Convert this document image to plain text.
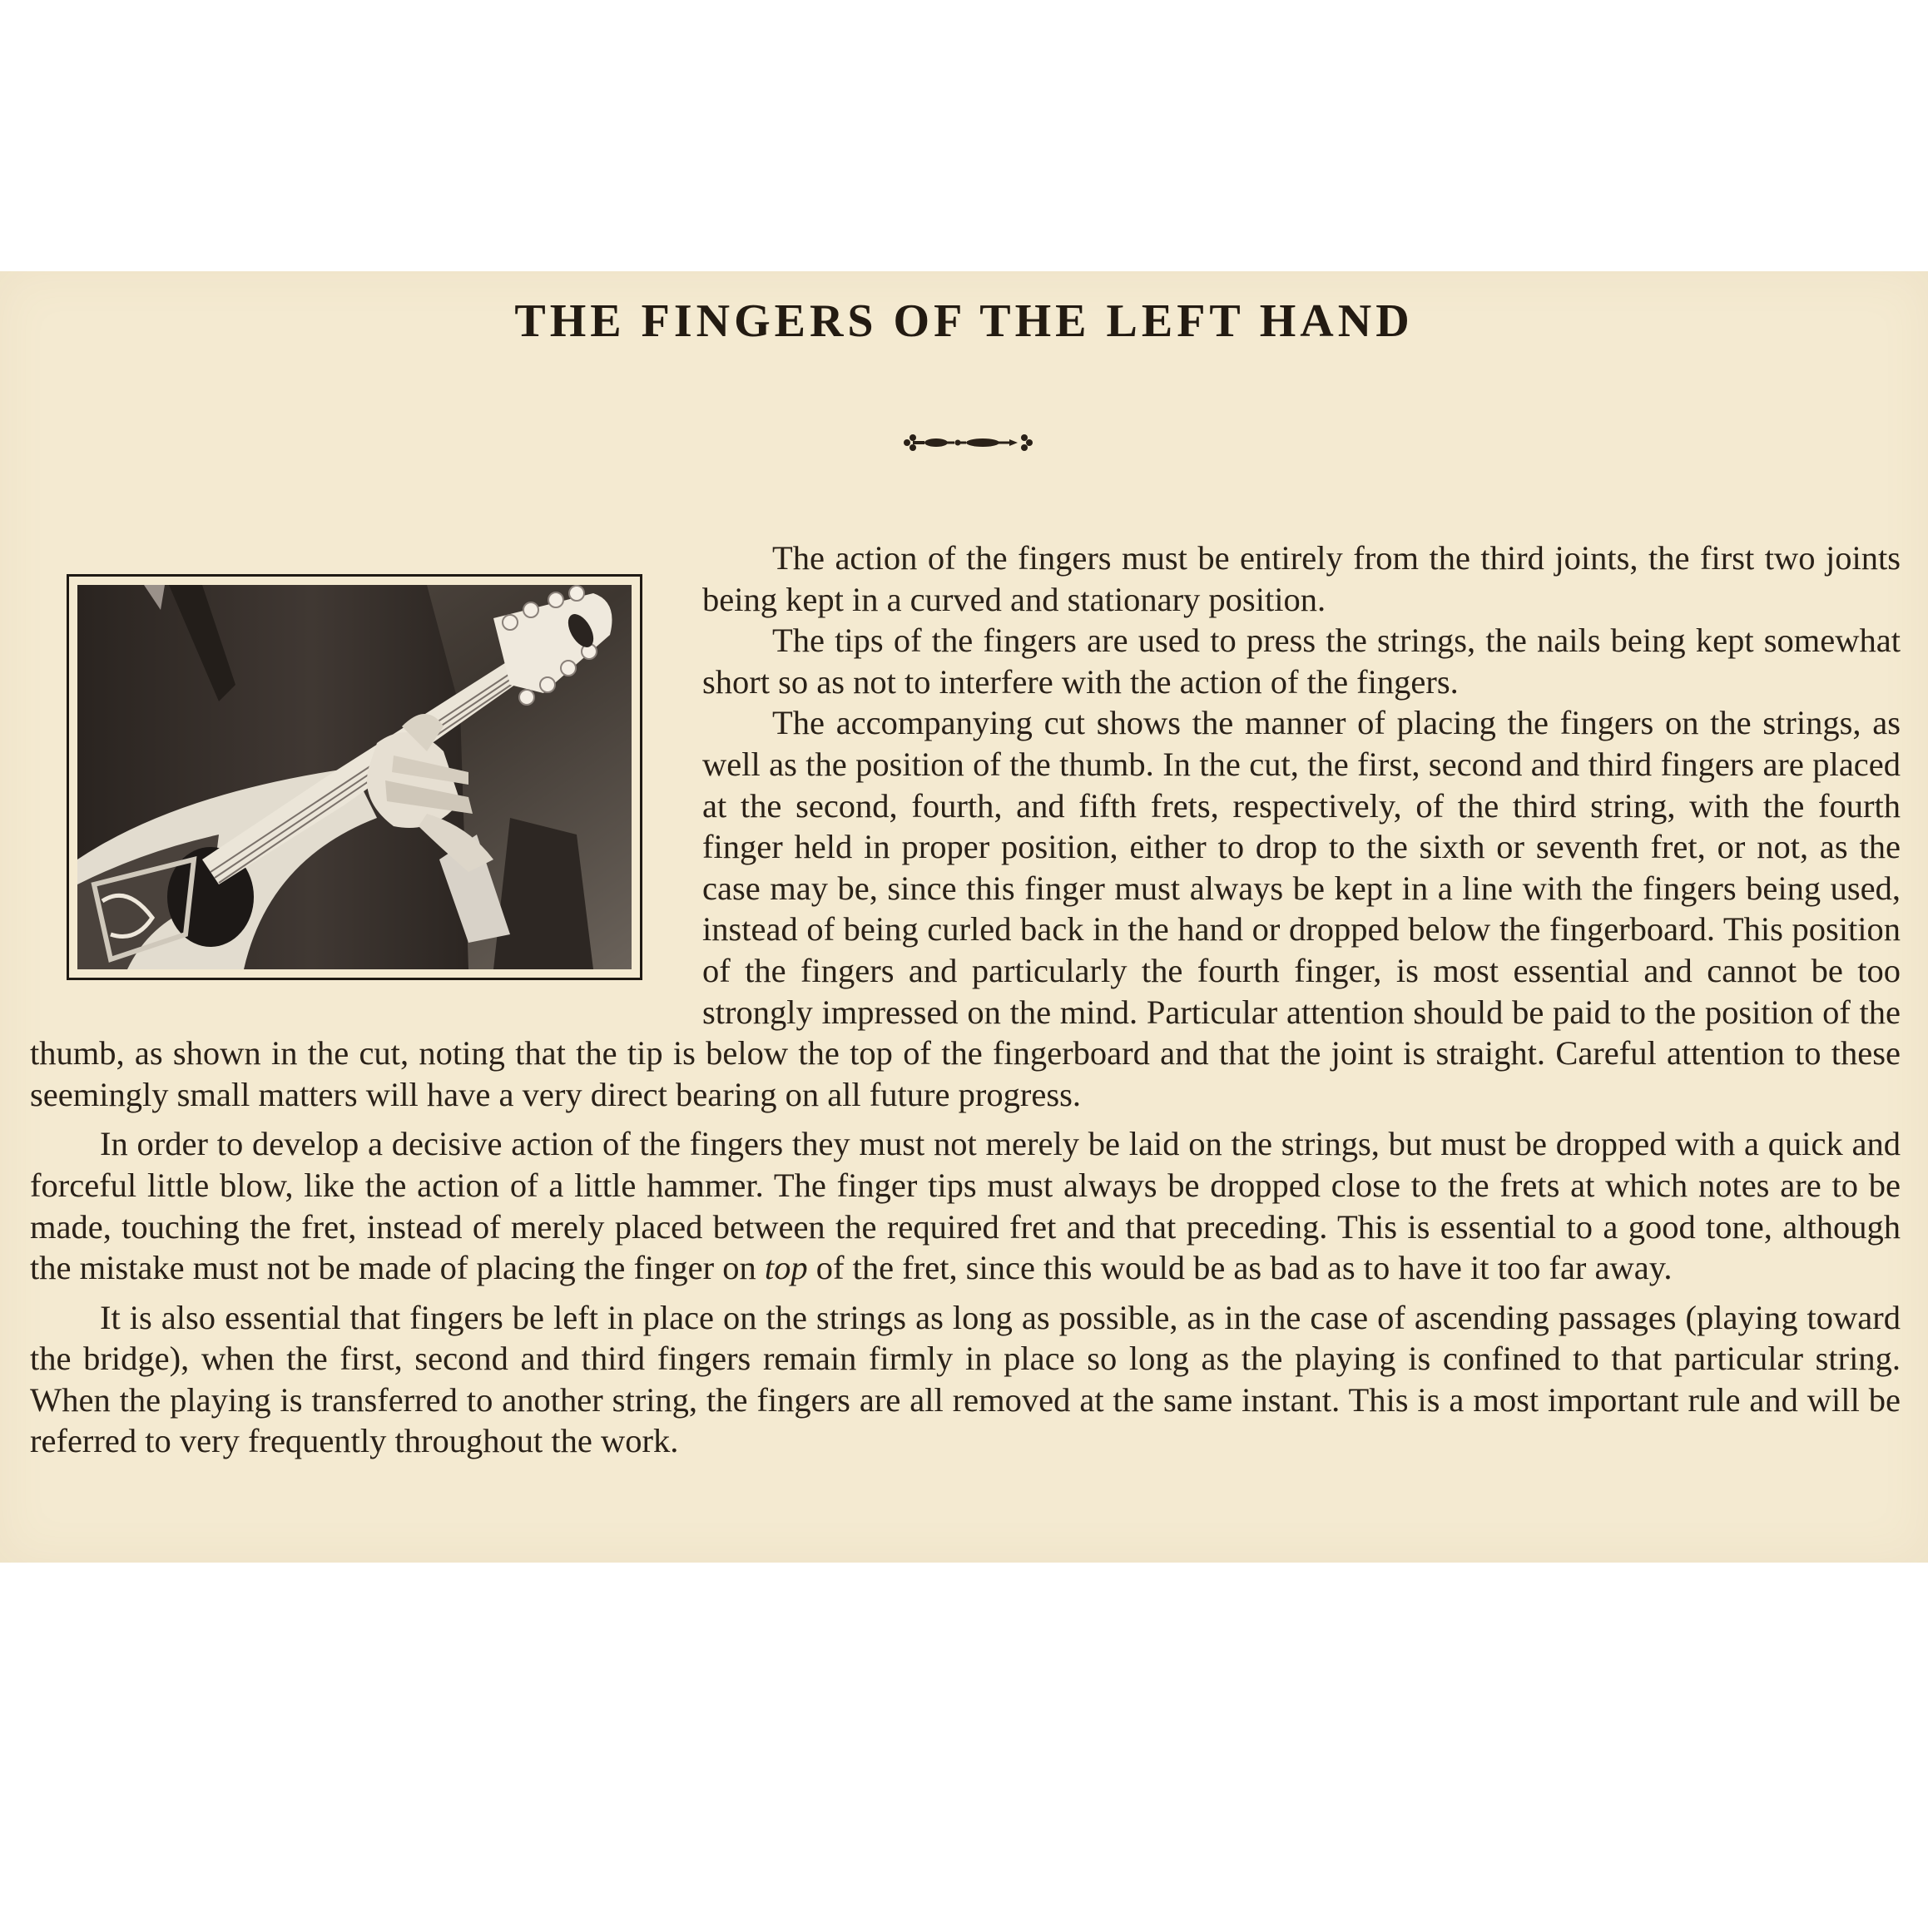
THE FINGERS OF THE LEFT HAND

The action of the fingers must be entirely from the third joints, the first two joints being kept in a curved and stationary position.

The tips of the fingers are used to press the strings, the nails being kept somewhat short so as not to interfere with the action of the fingers.

The accompanying cut shows the manner of placing the fingers on the strings, as well as the position of the thumb. In the cut, the first, second and third fingers are placed at the second, fourth, and fifth frets, respectively, of the third string, with the fourth finger held in proper position, either to drop to the sixth or seventh fret, or not, as the case may be, since this finger must always be kept in a line with the fingers being used, instead of being curled back in the hand or dropped below the fingerboard. This position of the fingers and particularly the fourth finger, is most essential and cannot be too strongly impressed on the mind. Particular attention should be paid to the position of the thumb, as shown in the cut, noting that the tip is below the top of the fingerboard and that the joint is straight. Careful attention to these seemingly small matters will have a very direct bearing on all future progress.

In order to develop a decisive action of the fingers they must not merely be laid on the strings, but must be dropped with a quick and forceful little blow, like the action of a little hammer. The finger tips must always be dropped close to the frets at which notes are to be made, touching the fret, instead of merely placed between the required fret and that preceding. This is essential to a good tone, although the mistake must not be made of placing the finger on top of the fret, since this would be as bad as to have it too far away.

It is also essential that fingers be left in place on the strings as long as possible, as in the case of ascending passages (playing toward the bridge), when the first, second and third fingers remain firmly in place so long as the playing is confined to that particular string. When the playing is transferred to another string, the fingers are all removed at the same instant. This is a most important rule and will be referred to very frequently throughout the work.
